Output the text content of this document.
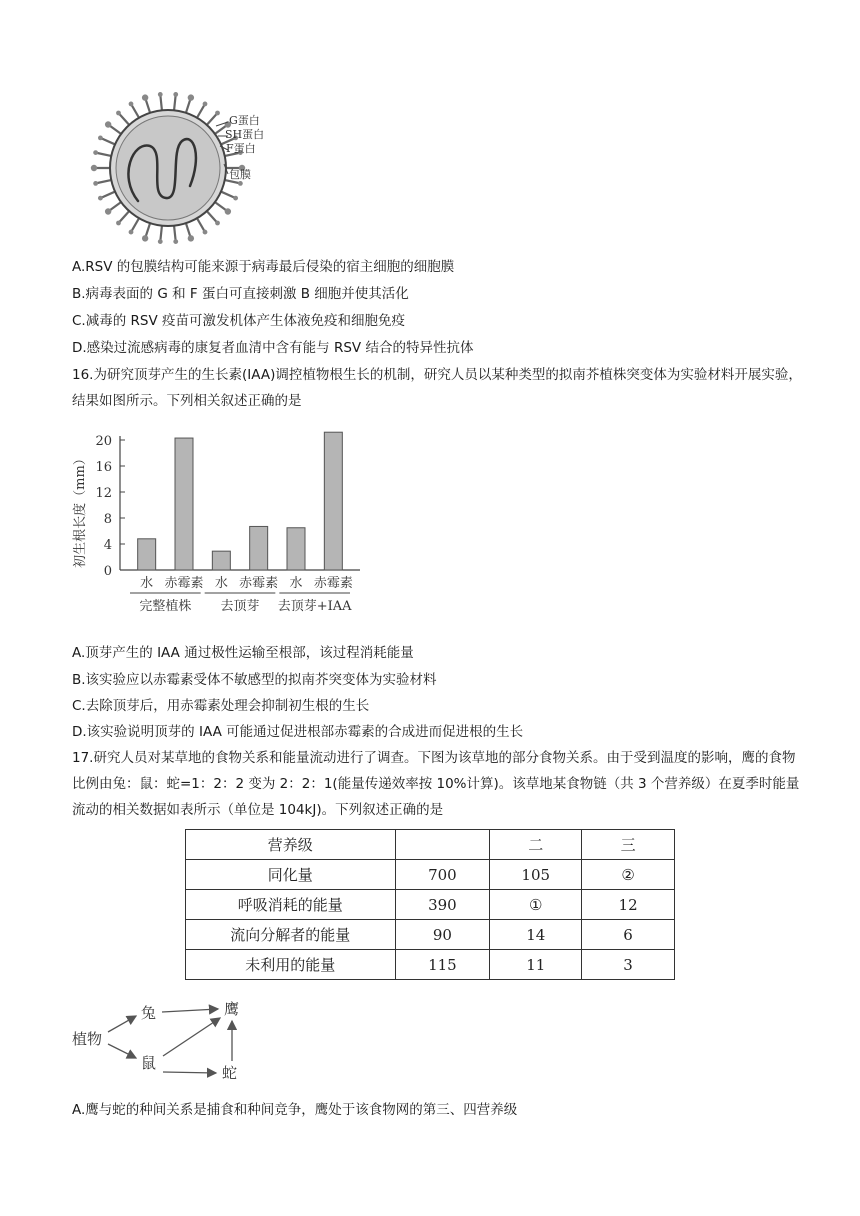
G蛋白
SH蛋白
F蛋白
包膜
A.RSV 的包膜结构可能来源于病毒最后侵染的宿主细胞的细胞膜
B.病毒表面的 G 和 F 蛋白可直接刺激 B 细胞并使其活化
C.减毒的 RSV 疫苗可激发机体产生体液免疫和细胞免疫
D.感染过流感病毒的康复者血清中含有能与 RSV 结合的特异性抗体
16.为研究顶芽产生的生长素(IAA)调控植物根生长的机制，研究人员以某种类型的拟南芥植株突变体为实验材料开展实验，结果如图所示。下列相关叙述正确的是
初生根长度（mm）
0
4
8
12
16
20
水 赤霉素 水 赤霉素 水 赤霉素
完整植株 去顶芽 去顶芽+IAA
A.顶芽产生的 IAA 通过极性运输至根部，该过程消耗能量
B.该实验应以赤霉素受体不敏感型的拟南芥突变体为实验材料
C.去除顶芽后，用赤霉素处理会抑制初生根的生长
D.该实验说明顶芽的 IAA 可能通过促进根部赤霉素的合成进而促进根的生长
17.研究人员对某草地的食物关系和能量流动进行了调查。下图为该草地的部分食物关系。由于受到温度的影响，鹰的食物比例由兔：鼠：蛇=1：2：2 变为 2：2：1(能量传递效率按 10%计算)。该草地某食物链（共 3 个营养级）在夏季时能量流动的相关数据如表所示（单位是 104kJ)。下列叙述正确的是
营养级		二	三
同化量	700	105	②
呼吸消耗的能量	390	①	12
流向分解者的能量	90	14	6
未利用的能量	115	11	3
植物
兔
鼠
鹰
蛇
A.鹰与蛇的种间关系是捕食和种间竞争，鹰处于该食物网的第三、四营养级
